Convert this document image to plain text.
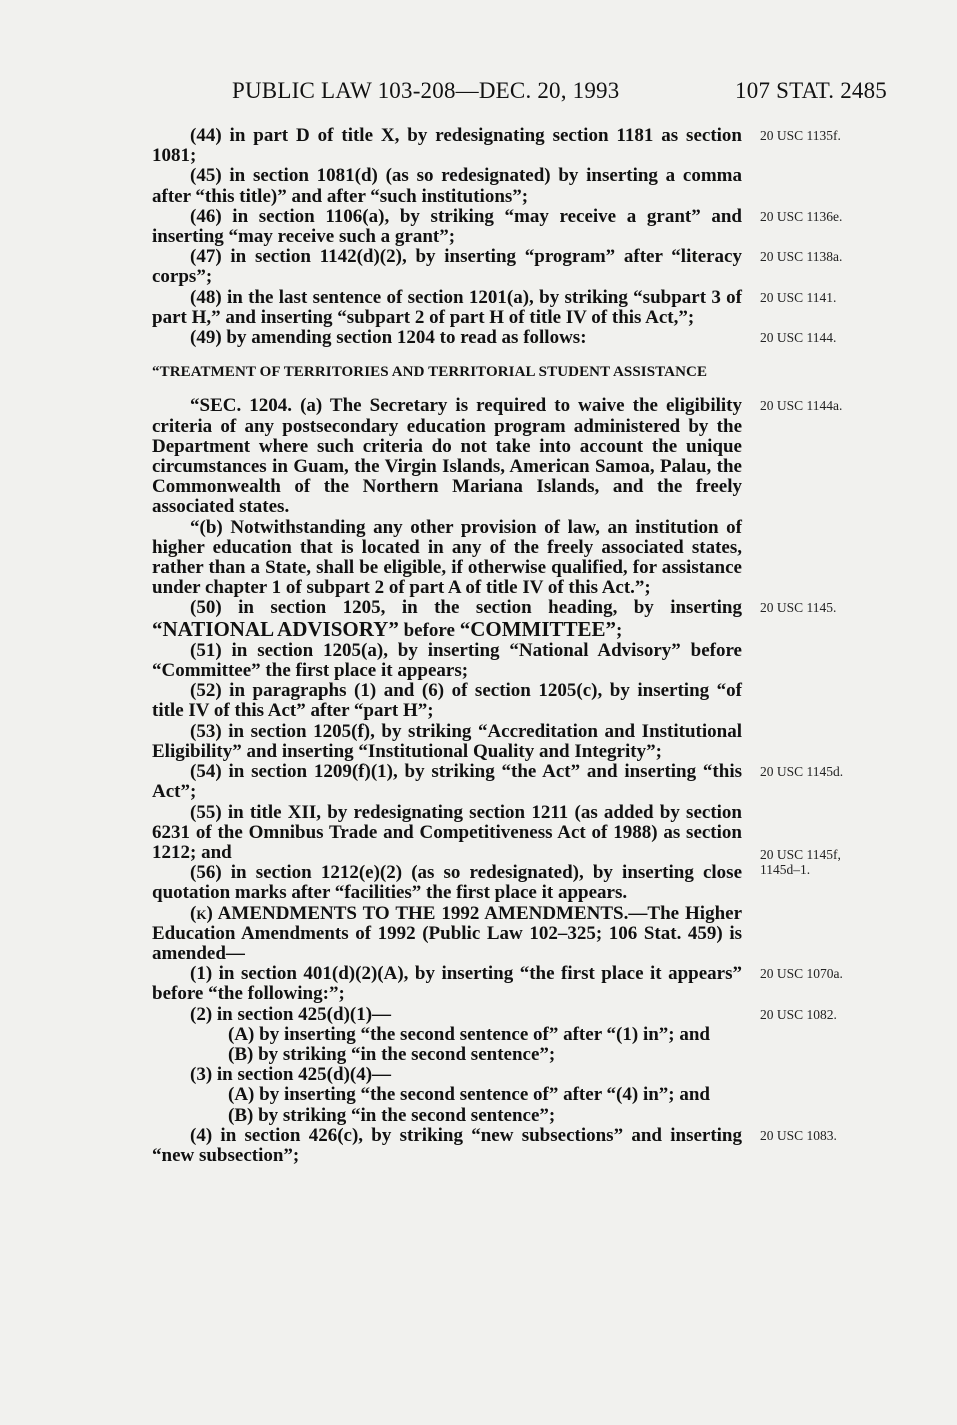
PUBLIC LAW 103-208—DEC. 20, 1993	107 STAT. 2485

(44) in part D of title X, by redesignating section 1181 as section 1081;
20 USC 1135f.

(45) in section 1081(d) (as so redesignated) by inserting a comma after “this title)” and after “such institutions”;

(46) in section 1106(a), by striking “may receive a grant” and inserting “may receive such a grant”;
20 USC 1136e.

(47) in section 1142(d)(2), by inserting “program” after “literacy corps”;
20 USC 1138a.

(48) in the last sentence of section 1201(a), by striking “subpart 3 of part H,” and inserting “subpart 2 of part H of title IV of this Act,”;
20 USC 1141.

(49) by amending section 1204 to read as follows:	20 USC 1144.

“TREATMENT OF TERRITORIES AND TERRITORIAL STUDENT ASSISTANCE

“SEC. 1204. (a) The Secretary is required to waive the eligibility criteria of any postsecondary education program administered by the Department where such criteria do not take into account the unique circumstances in Guam, the Virgin Islands, American Samoa, Palau, the Commonwealth of the Northern Mariana Islands, and the freely associated states.
20 USC 1144a.

“(b) Notwithstanding any other provision of law, an institution of higher education that is located in any of the freely associated states, rather than a State, shall be eligible, if otherwise qualified, for assistance under chapter 1 of subpart 2 of part A of title IV of this Act.”;

(50) in section 1205, in the section heading, by inserting “NATIONAL ADVISORY” before “COMMITTEE”;
20 USC 1145.

(51) in section 1205(a), by inserting “National Advisory” before “Committee” the first place it appears;

(52) in paragraphs (1) and (6) of section 1205(c), by inserting “of title IV of this Act” after “part H”;

(53) in section 1205(f), by striking “Accreditation and Institutional Eligibility” and inserting “Institutional Quality and Integrity”;

(54) in section 1209(f)(1), by striking “the Act” and inserting “this Act”;
20 USC 1145d.

(55) in title XII, by redesignating section 1211 (as added by section 6231 of the Omnibus Trade and Competitiveness Act of 1988) as section 1212; and	20 USC 1145f, 1145d–1.

(56) in section 1212(e)(2) (as so redesignated), by inserting close quotation marks after “facilities” the first place it appears.

(k) AMENDMENTS TO THE 1992 AMENDMENTS.—The Higher Education Amendments of 1992 (Public Law 102–325; 106 Stat. 459) is amended—

(1) in section 401(d)(2)(A), by inserting “the first place it appears” before “the following:”;
20 USC 1070a.

(2) in section 425(d)(1)—	20 USC 1082.

(A) by inserting “the second sentence of” after “(1) in”; and

(B) by striking “in the second sentence”;

(3) in section 425(d)(4)—

(A) by inserting “the second sentence of” after “(4) in”; and

(B) by striking “in the second sentence”;

(4) in section 426(c), by striking “new subsections” and inserting “new subsection”;
20 USC 1083.
